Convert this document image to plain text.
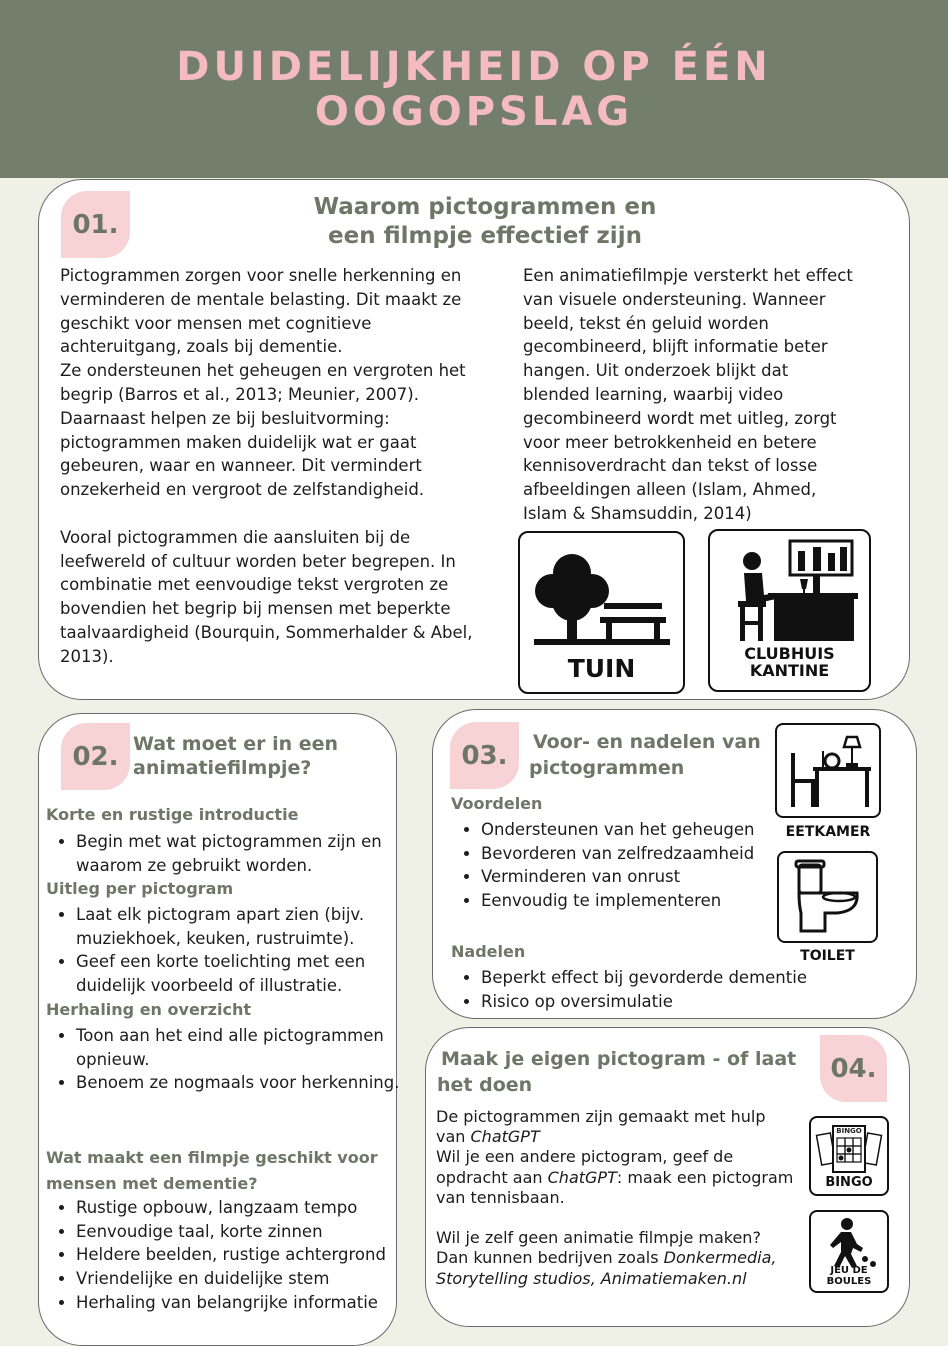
DUIDELIJKHEID OP ÉÉN
OOGOPSLAG
01.
Waarom pictogrammen en
een filmpje effectief zijn

Pictogrammen zorgen voor snelle herkenning en

verminderen de mentale belasting. Dit maakt ze

geschikt voor mensen met cognitieve

achteruitgang, zoals bij dementie.

Ze ondersteunen het geheugen en vergroten het

begrip (Barros et al., 2013; Meunier, 2007).

Daarnaast helpen ze bij besluitvorming:

pictogrammen maken duidelijk wat er gaat

gebeuren, waar en wanneer. Dit vermindert

onzekerheid en vergroot de zelfstandigheid.

Vooral pictogrammen die aansluiten bij de

leefwereld of cultuur worden beter begrepen. In

combinatie met eenvoudige tekst vergroten ze

bovendien het begrip bij mensen met beperkte

taalvaardigheid (Bourquin, Sommerhalder & Abel,

2013).

Een animatiefilmpje versterkt het effect

van visuele ondersteuning. Wanneer

beeld, tekst én geluid worden

gecombineerd, blijft informatie beter

hangen. Uit onderzoek blijkt dat

blended learning, waarbij video

gecombineerd wordt met uitleg, zorgt

voor meer betrokkenheid en betere

kennisoverdracht dan tekst of losse

afbeeldingen alleen (Islam, Ahmed,

Islam & Shamsuddin, 2014)

TUIN	CLUBHUIS
KANTINE
02. Wat moet er in een
animatiefilmpje?
Korte en rustige introductie
• Begin met wat pictogrammen zijn en
waarom ze gebruikt worden.
Uitleg per pictogram
• Laat elk pictogram apart zien (bijv.
muziekhoek, keuken, rustruimte).
• Geef een korte toelichting met een
duidelijk voorbeeld of illustratie.
Herhaling en overzicht
• Toon aan het eind alle pictogrammen
opnieuw.
• Benoem ze nogmaals voor herkenning.
Wat maakt een filmpje geschikt voor
mensen met dementie?
• Rustige opbouw, langzaam tempo
• Eenvoudige taal, korte zinnen
• Heldere beelden, rustige achtergrond
• Vriendelijke en duidelijke stem
• Herhaling van belangrijke informatie
03.	Voor- en nadelen van
pictogrammen
Voordelen
• Ondersteunen van het geheugen
• Bevorderen van zelfredzaamheid
• Verminderen van onrust
• Eenvoudig te implementeren
Nadelen
• Beperkt effect bij gevorderde dementie
• Risico op oversimulatie
EETKAMER
TOILET
04.
Maak je eigen pictogram - of laat
het doen

De pictogrammen zijn gemaakt met hulp

van ChatGPT

Wil je een andere pictogram, geef de

opdracht aan ChatGPT: maak een pictogram

van tennisbaan.

Wil je zelf geen animatie filmpje maken?

Dan kunnen bedrijven zoals Donkermedia,

Storytelling studios, Animatiemaken.nl

BINGO
BINGO
JEU DE
BOULES
